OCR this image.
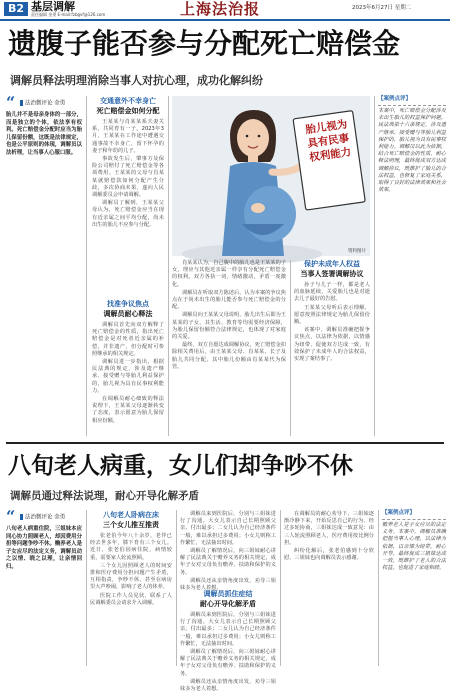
B2 基层调解
责任编辑 金勇 E-mail:fzbgvf@126.com	上海法治报	2023年6月27日 星期二
遗腹子能否参与分配死亡赔偿金
调解员释法明理消除当事人对抗心理，成功化解纠纷
“	法治微评论 金勇
胎儿并不是母亲身体的一部分，而是独立的个体，依法享有权利。死亡赔偿金分配时应当为胎儿保留份额，这既是法律规定，也是公平原则的体现，调解员以法析理，让当事人心服口服。
交通意外不幸身亡
死亡赔偿金如何分配

王某某与肖某某系夫妻关系，共同育有一子。2023年3月，王某某在工作途中遭遇交通事故不幸身亡，留下怀孕的妻子和年幼的儿子。

事故发生后，肇事方及保险公司赔付了死亡赔偿金等各项费用。王某某的父母与肖某某就赔偿款如何分配产生分歧，多次协商未果，遂向人民调解委员会申请调解。

调解员了解到，王某某父母认为，死亡赔偿金应当在现有近亲属之间平均分配，尚未出生的胎儿不应参与分配。

找准争议焦点
调解员耐心释法

调解员首先向双方解释了死亡赔偿金的性质，指出死亡赔偿金是对死者近亲属的补偿，并非遗产，但分配时可参照继承的相关规定。

调解员进一步指出，根据民法典的规定，涉及遗产继承、接受赠与等胎儿利益保护的，胎儿视为具有民事权利能力。

在调解员耐心细致的释法说理下，王某某父母逐渐转变了态度，表示愿意为胎儿保留相应份额。

胎儿视为具有民事权利能力
资料图片

肖某某认为，自己腹中的胎儿也是王某某的子女，理应与其他近亲属一样享有分配死亡赔偿金的权利。双方各执一词，情绪激动，矛盾一度激化。

调解员在听取双方陈述后，认为本案的争议焦点在于尚未出生的胎儿能否参与死亡赔偿金的分配。

调解员向王某某父母说明，胎儿出生后即为王某某的子女，其生活、教育等均需要经济保障，为胎儿保留份额符合法律规定，也体现了对家庭的关爱。

最终，双方自愿达成调解协议，死亡赔偿金扣除相关费用后，由王某某父母、肖某某、长子及胎儿共同分配，其中胎儿份额由肖某某代为保管。

保护未成年人权益
当事人签署调解协议

孙子与儿子一样，都是老人的血脉延续，关爱胎儿也是对逝去儿子最好的告慰。

王某某父母听后表示理解，愿意按照法律规定为胎儿保留份额。

该案中，调解员准确把握争议焦点，以法律为依据，以情感为纽带，促使双方达成一致，有效保护了未成年人的合法权益，实现了案结事了。

【案例点评】
本案中，死亡赔偿金分配涉及未出生胎儿的权益保护问题。民法典第十六条规定，涉及遗产继承、接受赠与等胎儿利益保护的，胎儿视为具有民事权利能力。调解员以此为依据，结合死亡赔偿金的性质，耐心释法明理，最终促成双方达成调解协议，既维护了胎儿的合法权益，也修复了家庭关系，取得了良好的法律效果和社会效果。
八旬老人病重，女儿们却争吵不休
调解员通过释法说理，耐心开导化解矛盾
“	法治微评论 金勇
八旬老人病重住院，三姐妹本应同心协力照顾老人，却因费用分担等问题争吵不休。赡养老人是子女应尽的法定义务，调解员动之以情、晓之以理，让亲情回归。
八旬老人卧病在床
三个女儿推互推责

张老伯今年八十余岁，老伴已经去世多年，膝下育有三个女儿。近日，张老伯因病住院，病情较重，需要家人轮流照顾。

三个女儿因照顾老人的时间安排和医疗费用分担问题产生矛盾，互相指责，争吵不休，甚至在病房里大声吵闹，影响了老人的休养。

医院工作人员见状，联系了人民调解委员会请求介入调解。

调解员来到医院后，分别与三姐妹进行了沟通。大女儿表示自己长期照顾父亲，付出最多；二女儿认为自己经济条件一般，难以承担过多费用；小女儿则称工作繁忙，无法抽出时间。

调解员了解情况后，向三姐妹耐心讲解了民法典关于赡养义务的相关规定，成年子女对父母负有赡养、扶助和保护的义务。

调解员还从亲情角度出发，劝导三姐妹多为老人着想。

调解员抓住症结
耐心开导化解矛盾

调解员来到医院后，分别与三姐妹进行了沟通。大女儿表示自己长期照顾父亲，付出最多；二女儿认为自己经济条件一般，难以承担过多费用；小女儿则称工作繁忙，无法抽出时间。

调解员了解情况后，向三姐妹耐心讲解了民法典关于赡养义务的相关规定，成年子女对父母负有赡养、扶助和保护的义务。

调解员还从亲情角度出发，劝导三姐妹多为老人着想。

在调解员的耐心劝导下，三姐妹逐渐冷静下来，开始反思自己的行为。经过多轮协商，三姐妹达成一致意见：由三人轮流照顾老人，医疗费用按比例分担。

纠纷化解后，张老伯感到十分欣慰，三姐妹也向调解员表示感谢。

【案例点评】
赡养老人是子女应尽的法定义务。本案中，调解员准确把握当事人心理，以法律为依据，以亲情为纽带，耐心开导，最终促成三姐妹达成一致，既维护了老人的合法权益，也促进了家庭和睦。
